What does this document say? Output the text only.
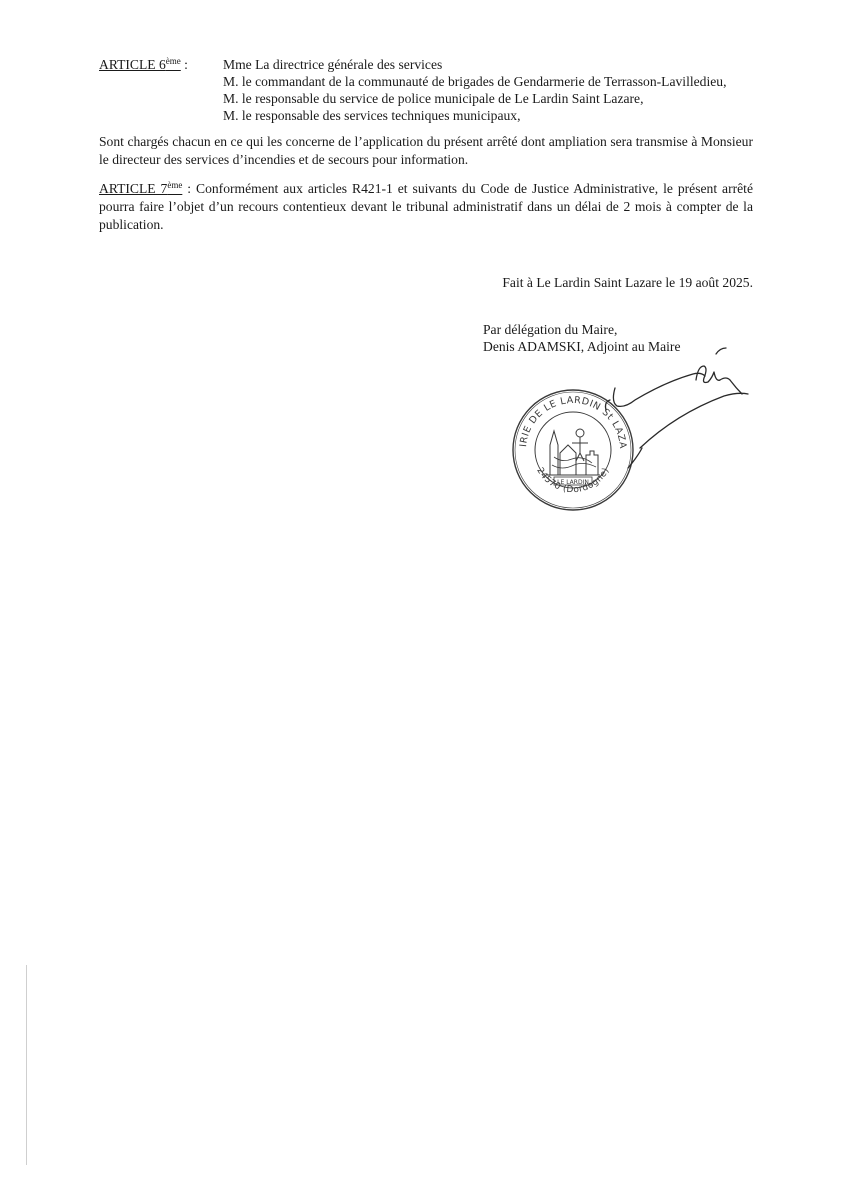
ARTICLE 6ème :	Mme La directrice générale des services
M. le commandant de la communauté de brigades de Gendarmerie de Terrasson-Lavilledieu,
M. le responsable du service de police municipale de Le Lardin Saint Lazare,
M. le responsable des services techniques municipaux,

Sont chargés chacun en ce qui les concerne de l’application du présent arrêté dont ampliation sera transmise à Monsieur le directeur des services d’incendies et de secours pour information.

ARTICLE 7ème : Conformément aux articles R421-1 et suivants du Code de Justice Administrative, le présent arrêté pourra faire l’objet d’un recours contentieux devant le tribunal administratif dans un délai de 2 mois à compter de la publication.

Fait à Le Lardin Saint Lazare le 19 août 2025.
Par délégation du Maire,
Denis ADAMSKI, Adjoint au Maire
IRIE DE LE LARDIN St LAZA
24570 (Dordogne)
LE LARDIN
